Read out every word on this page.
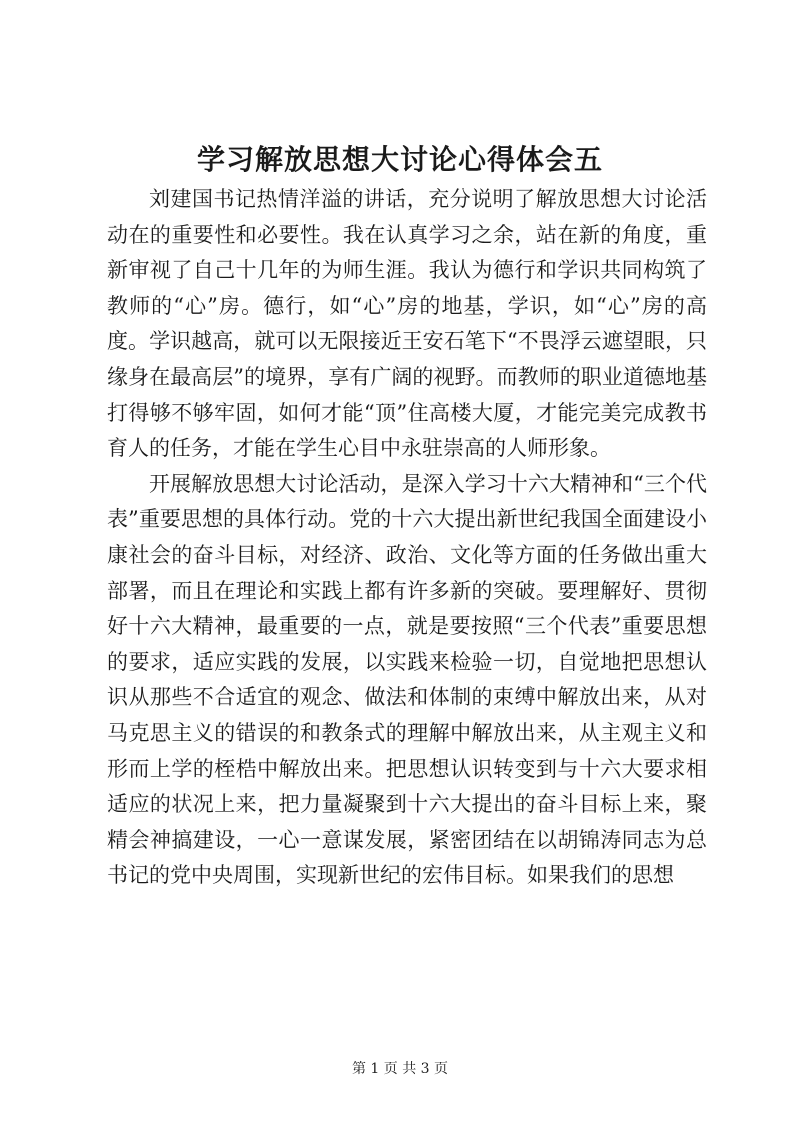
学习解放思想大讨论心得体会五

刘建国书记热情洋溢的讲话，充分说明了解放思想大讨论活动在的重要性和必要性。我在认真学习之余，站在新的角度，重新审视了自己十几年的为师生涯。我认为德行和学识共同构筑了教师的“心”房。德行，如“心”房的地基，学识，如“心”房的高度。学识越高，就可以无限接近王安石笔下“不畏浮云遮望眼，只缘身在最高层”的境界，享有广阔的视野。而教师的职业道德地基打得够不够牢固，如何才能“顶”住高楼大厦，才能完美完成教书育人的任务，才能在学生心目中永驻崇高的人师形象。

开展解放思想大讨论活动，是深入学习十六大精神和“三个代表”重要思想的具体行动。党的十六大提出新世纪我国全面建设小康社会的奋斗目标，对经济、政治、文化等方面的任务做出重大部署，而且在理论和实践上都有许多新的突破。要理解好、贯彻好十六大精神，最重要的一点，就是要按照“三个代表”重要思想的要求，适应实践的发展，以实践来检验一切，自觉地把思想认识从那些不合适宜的观念、做法和体制的束缚中解放出来，从对马克思主义的错误的和教条式的理解中解放出来，从主观主义和形而上学的桎梏中解放出来。把思想认识转变到与十六大要求相适应的状况上来，把力量凝聚到十六大提出的奋斗目标上来，聚精会神搞建设，一心一意谋发展，紧密团结在以胡锦涛同志为总书记的党中央周围，实现新世纪的宏伟目标。如果我们的思想

第 1 页 共 3 页
